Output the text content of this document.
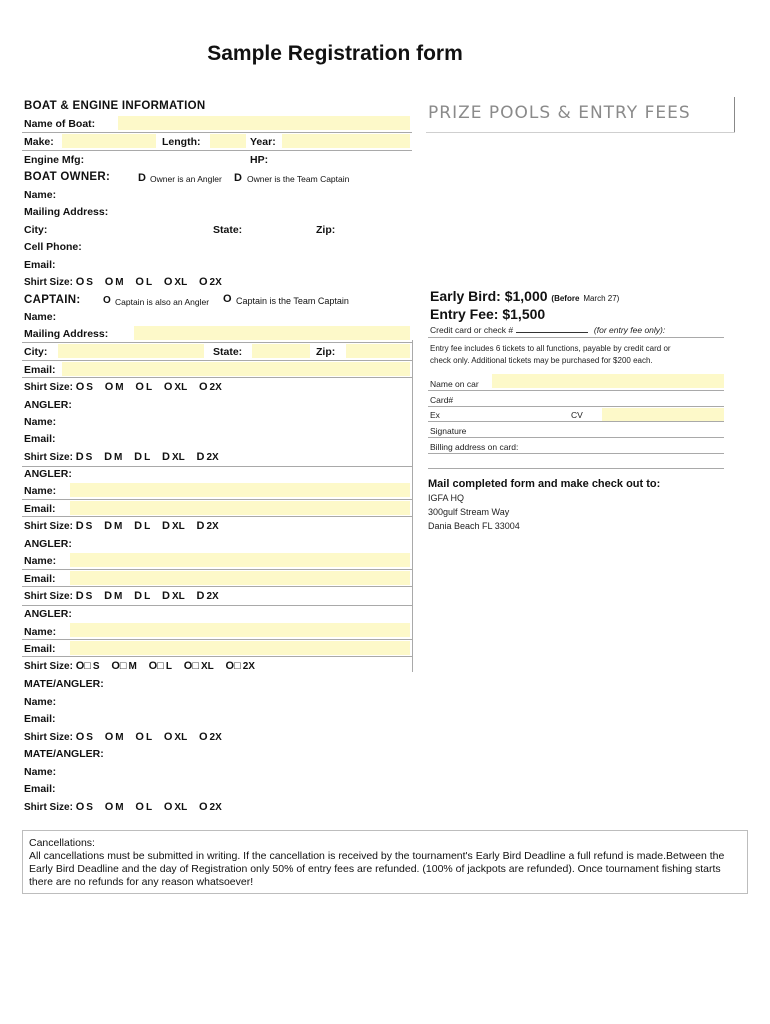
Sample Registration form
BOAT & ENGINE INFORMATION
Name of Boat:
Make:	Length:	Year:
Engine Mfg:	HP:
BOAT OWNER:	D Owner is an Angler D Owner is the Team Captain
Name:
Mailing Address:
City:	State:	Zip:
Cell Phone:
Email:
Shirt Size: O S O M O L O XL O 2X
CAPTAIN: O Captain is also an Angler O Captain is the Team Captain
Name:
Mailing Address:
City:	State:	Zip:
Email:
Shirt Size: O S O M O L O XL O 2X
ANGLER:
Name:
Email:
Shirt Size: D S D M D L D XL D 2X
ANGLER:
Name:
Email:
Shirt Size: D S D M D L D XL D 2X
ANGLER:
Name:
Email:
Shirt Size: D S D M D L D XL D 2X
ANGLER:
Name:
Email:
Shirt Size: O□ S O□ M O□ L O□ XL O□ 2X
MATE/ANGLER:
Name:
Email:
Shirt Size: O S O M O L O XL O 2X
MATE/ANGLER:
Name:
Email:
Shirt Size: O S O M O L O XL O 2X
PRIZE POOLS & ENTRY FEES
Early Bird: $1,000 (Before March 27)
Entry Fee: $1,500
Credit card or check #	(for entry fee only):
Entry fee includes 6 tickets to all functions, payable by credit card or
check only. Additional tickets may be purchased for $200 each.
Name on car
Card#
Ex	CV
Signature
Billing address on card:
Mail completed form and make check out to:
IGFA HQ
300gulf Stream Way
Dania Beach FL 33004
Cancellations:
All cancellations must be submitted in writing. If the cancellation is received by the tournament's Early Bird Deadline a full refund is made.Between the Early Bird Deadline and the day of Registration only 50% of entry fees are refunded. (100% of jackpots are refunded). Once tournament fishing starts there are no refunds for any reason whatsoever!
